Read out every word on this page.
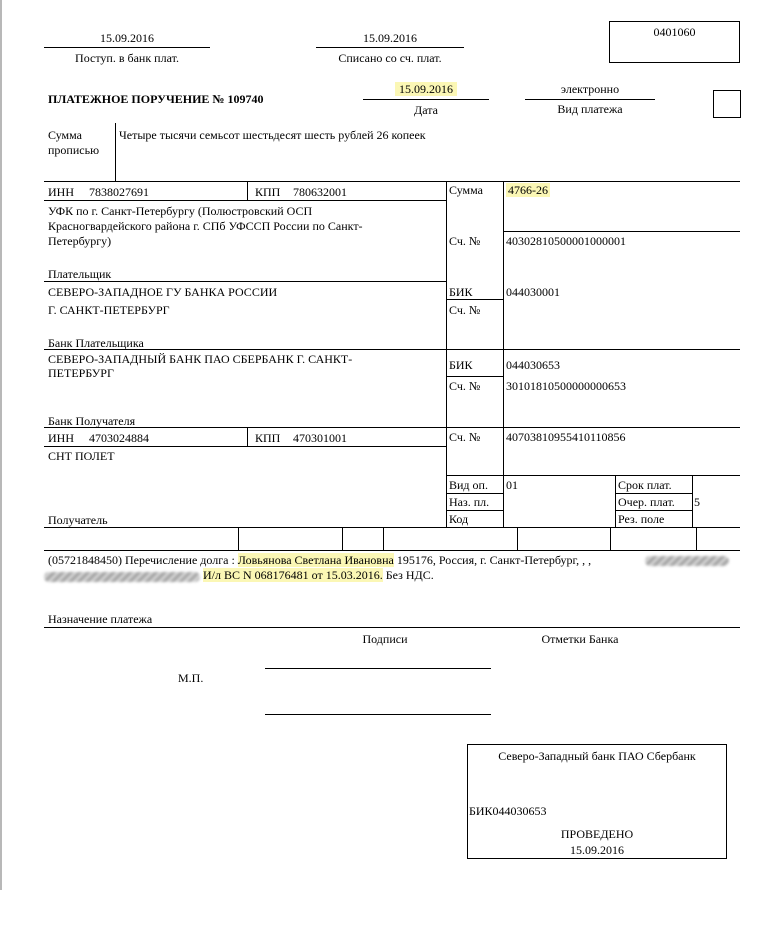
15.09.2016
Поступ. в банк плат.
15.09.2016
Списано со сч. плат.
0401060
ПЛАТЕЖНОЕ ПОРУЧЕНИЕ № 109740
15.09.2016
Дата
электронно
Вид платежа
Сумма
прописью
Четыре тысячи семьсот шестьдесят шесть рублей 26 копеек
ИНН 7838027691	КПП 780632001
УФК по г. Санкт-Петербургу (Полюстровский ОСП
Красногвардейского района г. СПб УФССП России по Санкт-
Петербургу)
Плательщик
Сумма 4766-26
Сч. № 40302810500001000001
СЕВЕРО-ЗАПАДНОЕ ГУ БАНКА РОССИИ
Г. САНКТ-ПЕТЕРБУРГ
Банк Плательщика
БИК	044030001
Сч. №
СЕВЕРО-ЗАПАДНЫЙ БАНК ПАО СБЕРБАНК Г. САНКТ-
ПЕТЕРБУРГ
Банк Получателя
БИК	044030653
Сч. № 30101810500000000653
ИНН 4703024884	КПП 470301001
СНТ ПОЛЕТ
Получатель
Сч. № 40703810955410110856
Вид оп. 01
Наз. пл.
Код
Срок плат.
Очер. плат. 5
Рез. поле
(05721848450) Перечисление долга : Ловьянова Светлана Ивановна 195176, Россия, г. Санкт-Петербург, , ,
И/л ВС N 068176481 от 15.03.2016. Без НДС.
Назначение платежа
Подписи	Отметки Банка
М.П.
Северо-Западный банк ПАО Сбербанк
БИК044030653
ПРОВЕДЕНО
15.09.2016
